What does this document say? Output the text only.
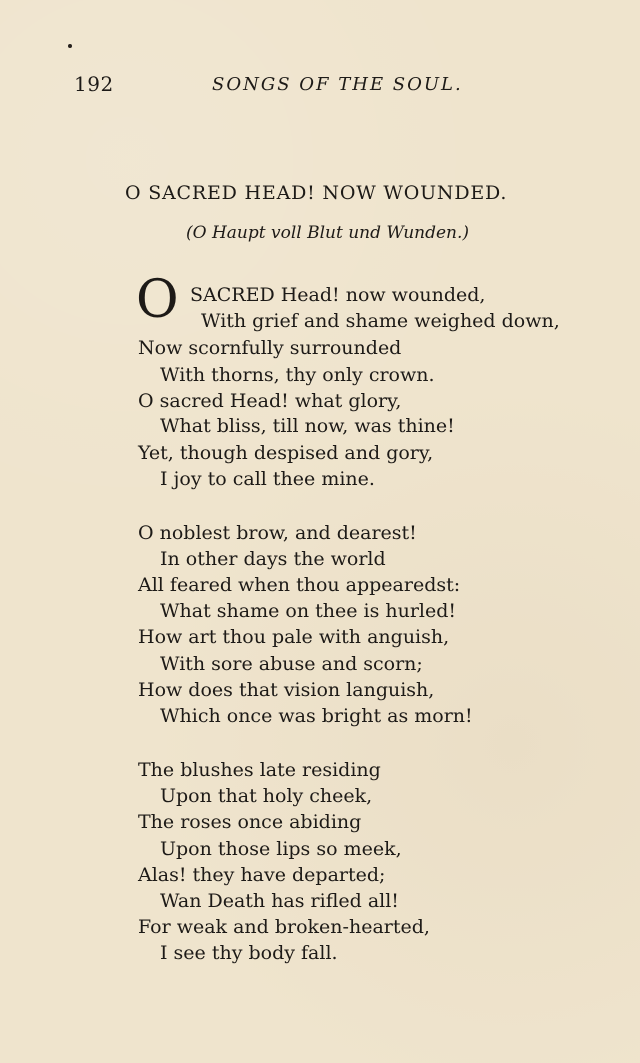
192	SONGS OF THE SOUL.
O SACRED HEAD! NOW WOUNDED.
(O Haupt voll Blut und Wunden.)
O SACRED Head! now wounded,
With grief and shame weighed down,
Now scornfully surrounded
With thorns, thy only crown.
O sacred Head! what glory,
What bliss, till now, was thine!
Yet, though despised and gory,
I joy to call thee mine.
O noblest brow, and dearest!
In other days the world
All feared when thou appearedst:
What shame on thee is hurled!
How art thou pale with anguish,
With sore abuse and scorn;
How does that vision languish,
Which once was bright as morn!
The blushes late residing
Upon that holy cheek,
The roses once abiding
Upon those lips so meek,
Alas! they have departed;
Wan Death has rifled all!
For weak and broken-hearted,
I see thy body fall.
